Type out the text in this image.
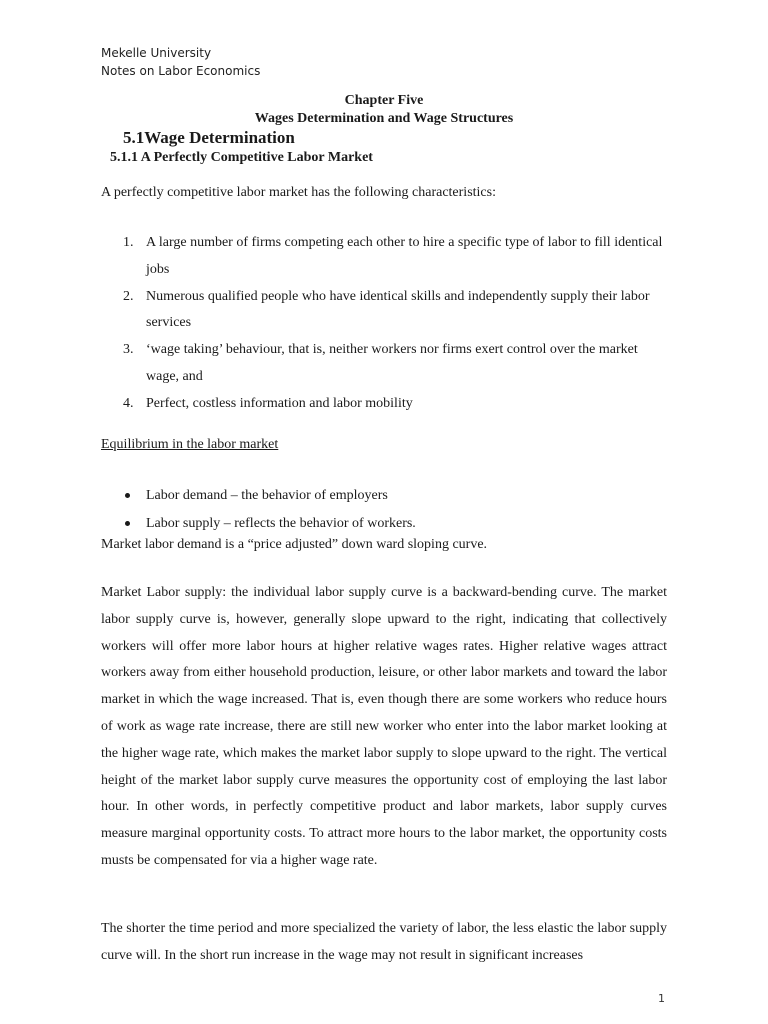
Mekelle University
Notes on Labor Economics
Chapter Five
Wages Determination and Wage Structures
5.1Wage Determination
5.1.1 A Perfectly Competitive Labor Market
A perfectly competitive labor market has the following characteristics:
1. A large number of firms competing each other to hire a specific type of labor to fill identical jobs
2. Numerous qualified people who have identical skills and independently supply their labor services
3. ‘wage taking’ behaviour, that is, neither workers nor firms exert control over the market wage, and
4. Perfect, costless information and labor mobility
Equilibrium in the labor market
Labor demand – the behavior of employers
Labor supply – reflects the behavior of workers.
Market labor demand is a “price adjusted” down ward sloping curve.
Market Labor supply: the individual labor supply curve is a backward-bending curve. The market labor supply curve is, however, generally slope upward to the right, indicating that collectively workers will offer more labor hours at higher relative wages rates. Higher relative wages attract workers away from either household production, leisure, or other labor markets and toward the labor market in which the wage increased. That is, even though there are some workers who reduce hours of work as wage rate increase, there are still new worker who enter into the labor market looking at the higher wage rate, which makes the market labor supply to slope upward to the right. The vertical height of the market labor supply curve measures the opportunity cost of employing the last labor hour. In other words, in perfectly competitive product and labor markets, labor supply curves measure marginal opportunity costs. To attract more hours to the labor market, the opportunity costs musts be compensated for via a higher wage rate.
The shorter the time period and more specialized the variety of labor, the less elastic the labor supply curve will. In the short run increase in the wage may not result in significant increases
1
